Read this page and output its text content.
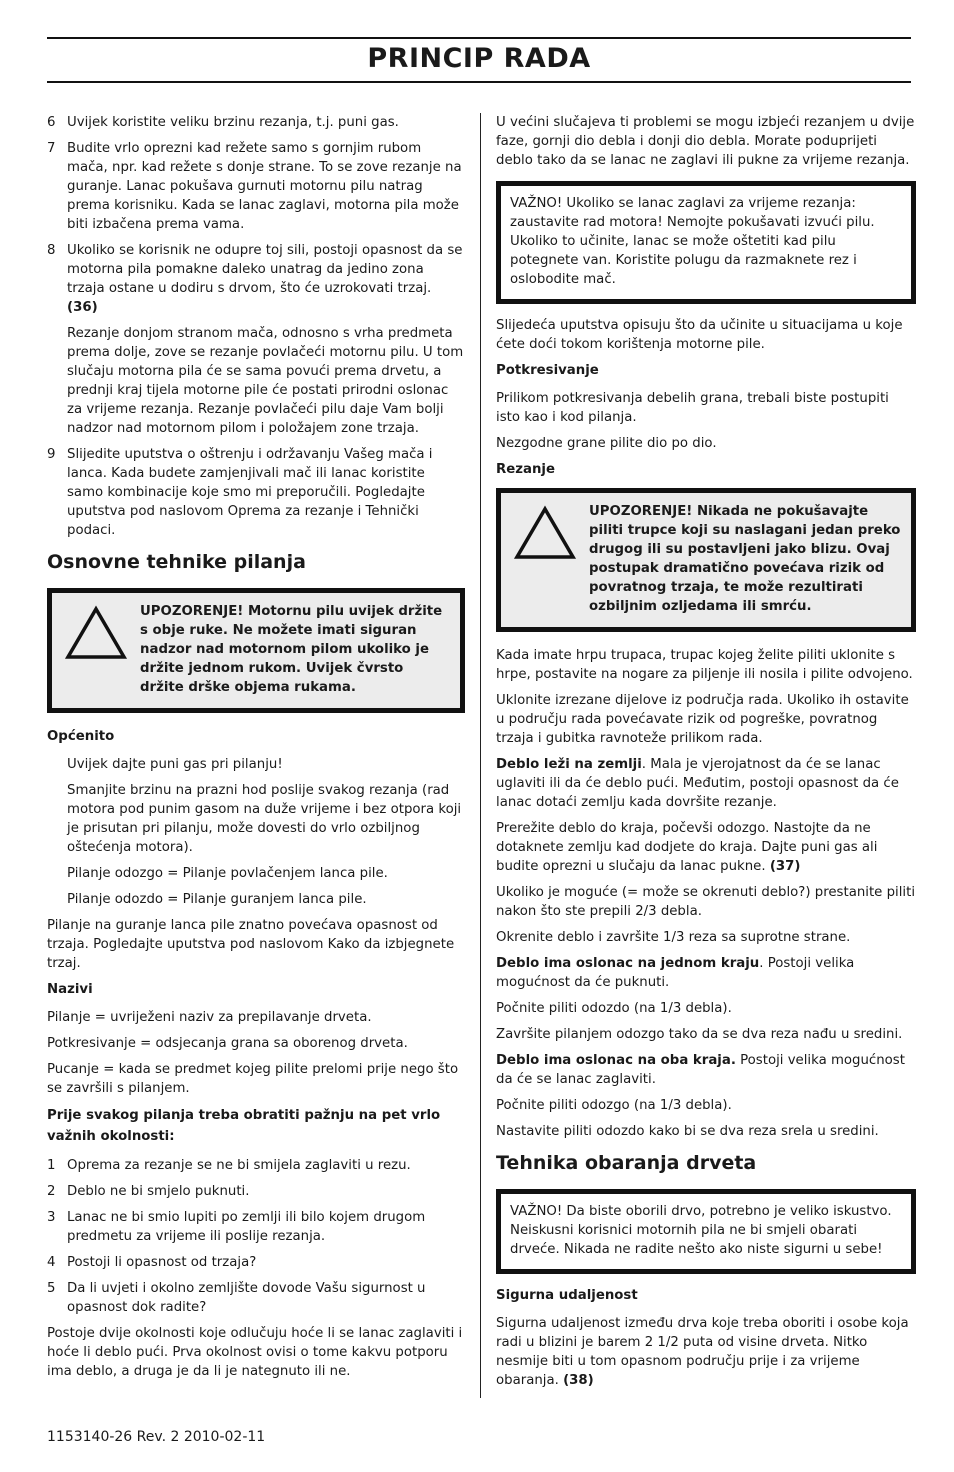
PRINCIP RADA
6 Uvijek koristite veliku brzinu rezanja, t.j. puni gas.
7 Budite vrlo oprezni kad režete samo s gornjim rubom mača, npr. kad režete s donje strane. To se zove rezanje na guranje. Lanac pokušava gurnuti motornu pilu natrag prema korisniku. Kada se lanac zaglavi, motorna pila može biti izbačena prema vama.
8 Ukoliko se korisnik ne odupre toj sili, postoji opasnost da se motorna pila pomakne daleko unatrag da jedino zona trzaja ostane u dodiru s drvom, što će uzrokovati trzaj. (36)

Rezanje donjom stranom mača, odnosno s vrha predmeta prema dolje, zove se rezanje povlačeći motornu pilu. U tom slučaju motorna pila će se sama povući prema drvetu, a prednji kraj tijela motorne pile će postati prirodni oslonac za vrijeme rezanja. Rezanje povlačeći pilu daje Vam bolji nadzor nad motornom pilom i položajem zone trzaja.

9 Slijedite uputstva o oštrenju i održavanju Vašeg mača i lanca. Kada budete zamjenjivali mač ili lanac koristite samo kombinacije koje smo mi preporučili. Pogledajte uputstva pod naslovom Oprema za rezanje i Tehnički podaci.
Osnovne tehnike pilanja
UPOZORENJE! Motornu pilu uvijek držite s obje ruke. Ne možete imati siguran nadzor nad motornom pilom ukoliko je držite jednom rukom. Uvijek čvrsto držite drške objema rukama.
Općenito

Uvijek dajte puni gas pri pilanju!

Smanjite brzinu na prazni hod poslije svakog rezanja (rad motora pod punim gasom na duže vrijeme i bez otpora koji je prisutan pri pilanju, može dovesti do vrlo ozbiljnog oštećenja motora).

Pilanje odozgo = Pilanje povlačenjem lanca pile.

Pilanje odozdo = Pilanje guranjem lanca pile.

Pilanje na guranje lanca pile znatno povećava opasnost od trzaja. Pogledajte uputstva pod naslovom Kako da izbjegnete trzaj.

Nazivi

Pilanje = uvriježeni naziv za prepilavanje drveta.

Potkresivanje = odsjecanja grana sa oborenog drveta.

Pucanje = kada se predmet kojeg pilite prelomi prije nego što se završili s pilanjem.

Prije svakog pilanja treba obratiti pažnju na pet vrlo važnih okolnosti:
1 Oprema za rezanje se ne bi smijela zaglaviti u rezu.
2 Deblo ne bi smjelo puknuti.
3 Lanac ne bi smio lupiti po zemlji ili bilo kojem drugom predmetu za vrijeme ili poslije rezanja.
4 Postoji li opasnost od trzaja?
5 Da li uvjeti i okolno zemljište dovode Vašu sigurnost u opasnost dok radite?

Postoje dvije okolnosti koje odlučuju hoće li se lanac zaglaviti i hoće li deblo pući. Prva okolnost ovisi o tome kakvu potporu ima deblo, a druga je da li je nategnuto ili ne.

U većini slučajeva ti problemi se mogu izbjeći rezanjem u dvije faze, gornji dio debla i donji dio debla. Morate poduprijeti deblo tako da se lanac ne zaglavi ili pukne za vrijeme rezanja.

VAŽNO! Ukoliko se lanac zaglavi za vrijeme rezanja: zaustavite rad motora! Nemojte pokušavati izvući pilu. Ukoliko to učinite, lanac se može oštetiti kad pilu potegnete van. Koristite polugu da razmaknete rez i oslobodite mač.

Slijedeća uputstva opisuju što da učinite u situacijama u koje ćete doći tokom korištenja motorne pile.

Potkresivanje

Prilikom potkresivanja debelih grana, trebali biste postupiti isto kao i kod pilanja.

Nezgodne grane pilite dio po dio.

Rezanje
UPOZORENJE! Nikada ne pokušavajte piliti trupce koji su naslagani jedan preko drugog ili su postavljeni jako blizu. Ovaj postupak dramatično povećava rizik od povratnog trzaja, te može rezultirati ozbiljnim ozljedama ili smrću.

Kada imate hrpu trupaca, trupac kojeg želite piliti uklonite s hrpe, postavite na nogare za piljenje ili nosila i pilite odvojeno.

Uklonite izrezane dijelove iz područja rada. Ukoliko ih ostavite u području rada povećavate rizik od pogreške, povratnog trzaja i gubitka ravnoteže prilikom rada.

Deblo leži na zemlji. Mala je vjerojatnost da će se lanac uglaviti ili da će deblo pući. Međutim, postoji opasnost da će lanac dotaći zemlju kada dovršite rezanje.

Prerežite deblo do kraja, počevši odozgo. Nastojte da ne dotaknete zemlju kad dodjete do kraja. Dajte puni gas ali budite oprezni u slučaju da lanac pukne. (37)

Ukoliko je moguće (= može se okrenuti deblo?) prestanite piliti nakon što ste prepili 2/3 debla.

Okrenite deblo i završite 1/3 reza sa suprotne strane.

Deblo ima oslonac na jednom kraju. Postoji velika mogućnost da će puknuti.

Počnite piliti odozdo (na 1/3 debla).

Završite pilanjem odozgo tako da se dva reza nađu u sredini.

Deblo ima oslonac na oba kraja. Postoji velika mogućnost da će se lanac zaglaviti.

Počnite piliti odozgo (na 1/3 debla).

Nastavite piliti odozdo kako bi se dva reza srela u sredini.

Tehnika obaranja drveta
VAŽNO! Da biste oborili drvo, potrebno je veliko iskustvo. Neiskusni korisnici motornih pila ne bi smjeli obarati drveće. Nikada ne radite nešto ako niste sigurni u sebe!
Sigurna udaljenost

Sigurna udaljenost između drva koje treba oboriti i osobe koja radi u blizini je barem 2 1/2 puta od visine drveta. Nitko nesmije biti u tom opasnom području prije i za vrijeme obaranja. (38)

1153140-26 Rev. 2 2010-02-11
